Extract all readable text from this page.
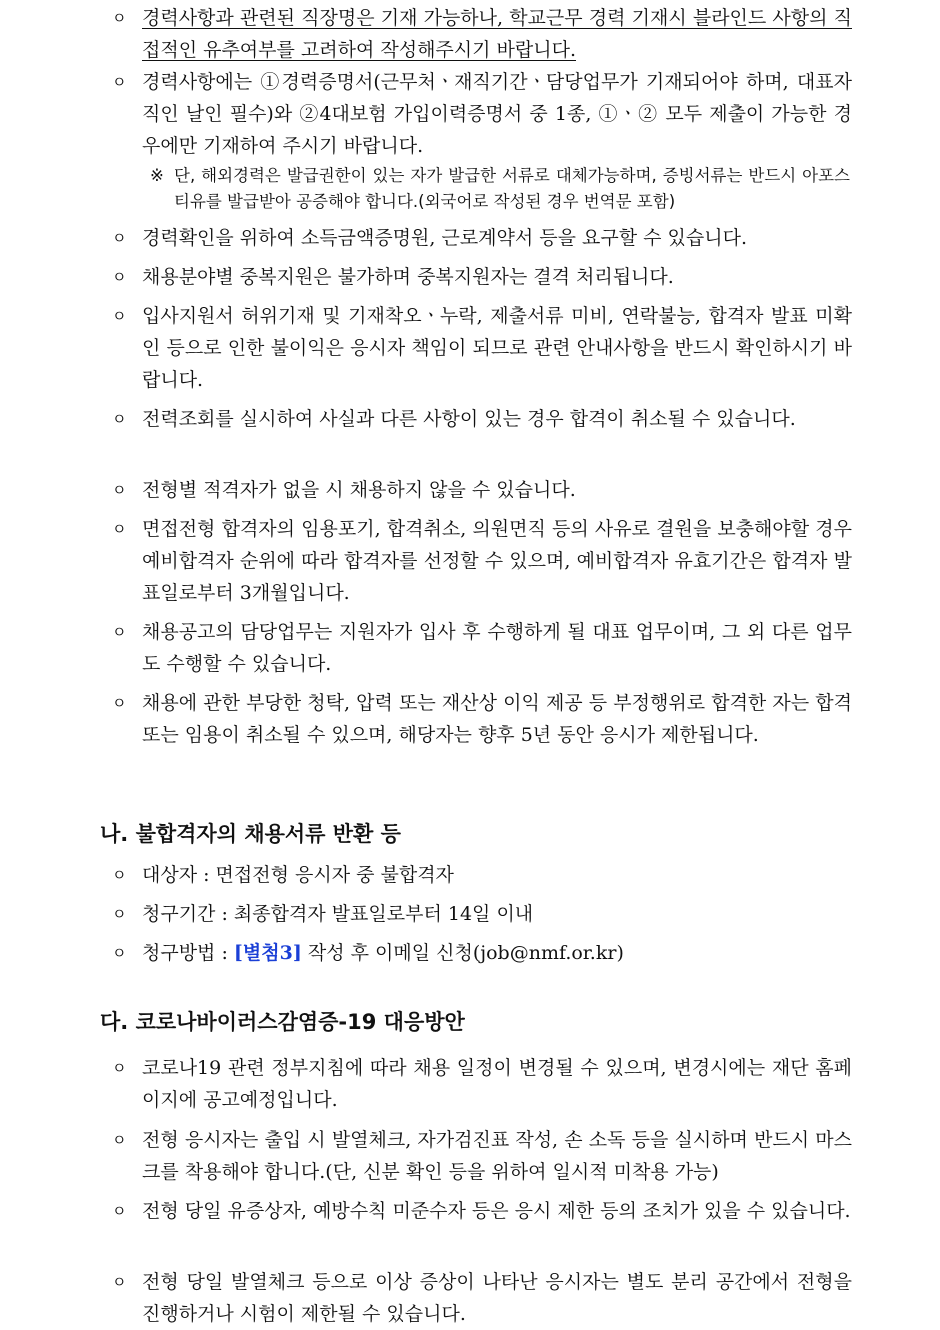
ㅇ 경력사항과 관련된 직장명은 기재 가능하나, 학교근무 경력 기재시 블라인드 사항의 직접적인 유추여부를 고려하여 작성해주시기 바랍니다.
ㅇ 경력사항에는 ①경력증명서(근무처ㆍ재직기간ㆍ담당업무가 기재되어야 하며, 대표자 직인 날인 필수)와 ②4대보험 가입이력증명서 중 1종, ①ㆍ② 모두 제출이 가능한 경우에만 기재하여 주시기 바랍니다.
※ 단, 해외경력은 발급권한이 있는 자가 발급한 서류로 대체가능하며, 증빙서류는 반드시 아포스티유를 발급받아 공증해야 합니다.(외국어로 작성된 경우 번역문 포함)
ㅇ 경력확인을 위하여 소득금액증명원, 근로계약서 등을 요구할 수 있습니다.
ㅇ 채용분야별 중복지원은 불가하며 중복지원자는 결격 처리됩니다.
ㅇ 입사지원서 허위기재 및 기재착오ㆍ누락, 제출서류 미비, 연락불능, 합격자 발표 미확인 등으로 인한 불이익은 응시자 책임이 되므로 관련 안내사항을 반드시 확인하시기 바랍니다.
ㅇ 전력조회를 실시하여 사실과 다른 사항이 있는 경우 합격이 취소될 수 있습니다.
ㅇ 전형별 적격자가 없을 시 채용하지 않을 수 있습니다.
ㅇ 면접전형 합격자의 임용포기, 합격취소, 의원면직 등의 사유로 결원을 보충해야할 경우 예비합격자 순위에 따라 합격자를 선정할 수 있으며, 예비합격자 유효기간은 합격자 발표일로부터 3개월입니다.
ㅇ 채용공고의 담당업무는 지원자가 입사 후 수행하게 될 대표 업무이며, 그 외 다른 업무도 수행할 수 있습니다.
ㅇ 채용에 관한 부당한 청탁, 압력 또는 재산상 이익 제공 등 부정행위로 합격한 자는 합격 또는 임용이 취소될 수 있으며, 해당자는 향후 5년 동안 응시가 제한됩니다.
나. 불합격자의 채용서류 반환 등
ㅇ 대상자 : 면접전형 응시자 중 불합격자
ㅇ 청구기간 : 최종합격자 발표일로부터 14일 이내
ㅇ 청구방법 : [별첨3] 작성 후 이메일 신청(job@nmf.or.kr)
다. 코로나바이러스감염증-19 대응방안
ㅇ 코로나19 관련 정부지침에 따라 채용 일정이 변경될 수 있으며, 변경시에는 재단 홈페이지에 공고예정입니다.
ㅇ 전형 응시자는 출입 시 발열체크, 자가검진표 작성, 손 소독 등을 실시하며 반드시 마스크를 착용해야 합니다.(단, 신분 확인 등을 위하여 일시적 미착용 가능)
ㅇ 전형 당일 유증상자, 예방수칙 미준수자 등은 응시 제한 등의 조치가 있을 수 있습니다.
ㅇ 전형 당일 발열체크 등으로 이상 증상이 나타난 응시자는 별도 분리 공간에서 전형을 진행하거나 시험이 제한될 수 있습니다.
